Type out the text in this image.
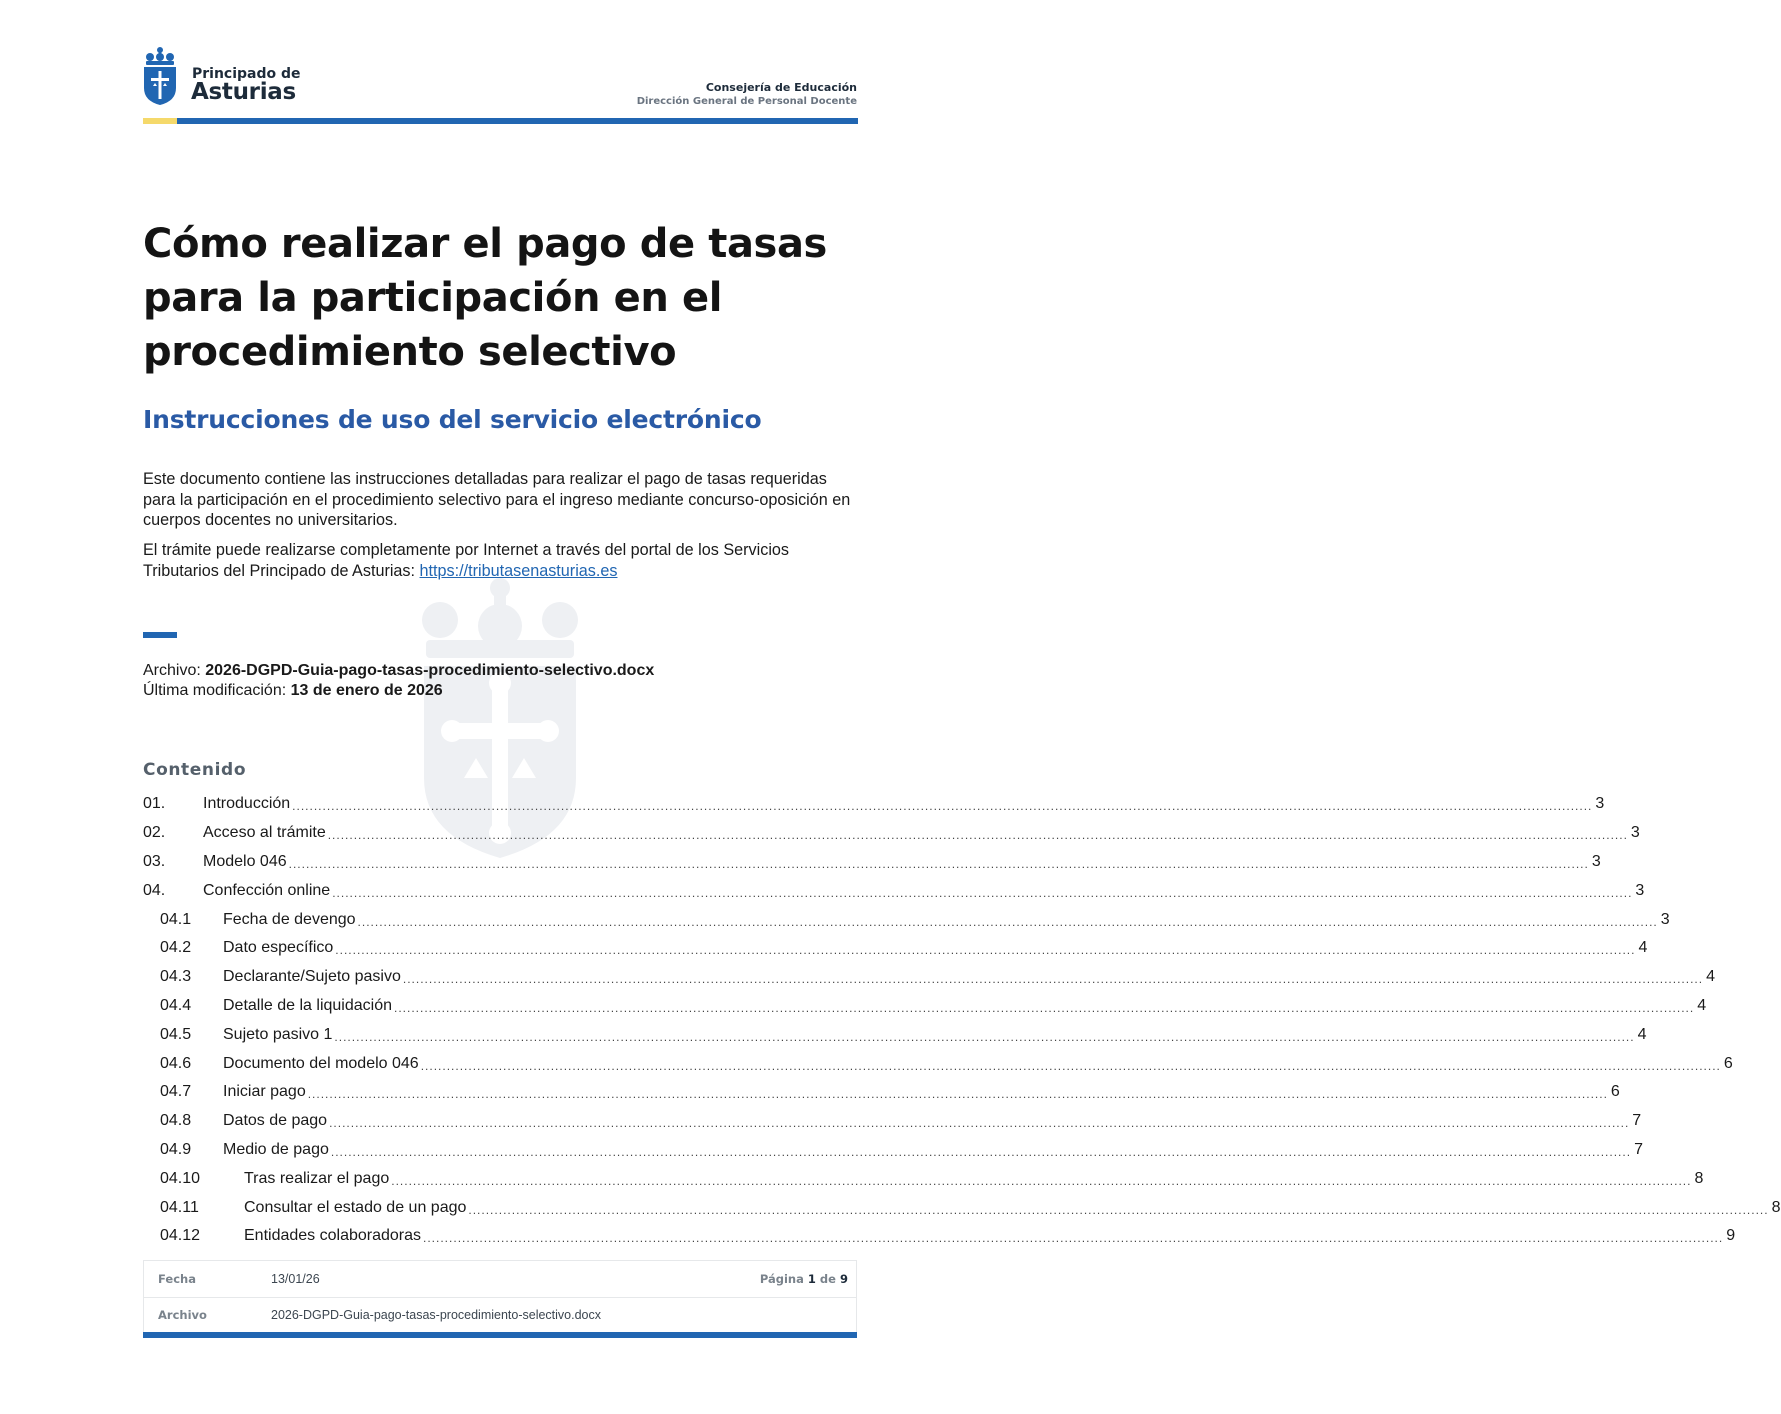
Principado de
Asturias	Consejería de Educación
Dirección General de Personal Docente
Cómo realizar el pago de tasas para la participación en el procedimiento selectivo
Instrucciones de uso del servicio electrónico
Este documento contiene las instrucciones detalladas para realizar el pago de tasas requeridas para la participación en el procedimiento selectivo para el ingreso mediante concurso-oposición en cuerpos docentes no universitarios.
El trámite puede realizarse completamente por Internet a través del portal de los Servicios Tributarios del Principado de Asturias: https://tributasenasturias.es
Archivo: 2026-DGPD-Guia-pago-tasas-procedimiento-selectivo.docx
Última modificación: 13 de enero de 2026
Contenido
01.	Introducción ............................................................................................................................................................................................................................................................................................................ 3
02.	Acceso al trámite ............................................................................................................................................................................................................................................................................................................ 3
03.	Modelo 046 ............................................................................................................................................................................................................................................................................................................ 3
04.	Confección online ............................................................................................................................................................................................................................................................................................................ 3
04.1	Fecha de devengo ............................................................................................................................................................................................................................................................................................................ 3
04.2	Dato específico ............................................................................................................................................................................................................................................................................................................ 4
04.3	Declarante/Sujeto pasivo ............................................................................................................................................................................................................................................................................................................ 4
04.4	Detalle de la liquidación ............................................................................................................................................................................................................................................................................................................ 4
04.5	Sujeto pasivo 1 ............................................................................................................................................................................................................................................................................................................ 4
04.6	Documento del modelo 046 ............................................................................................................................................................................................................................................................................................................ 6
04.7	Iniciar pago ............................................................................................................................................................................................................................................................................................................ 6
04.8	Datos de pago ............................................................................................................................................................................................................................................................................................................ 7
04.9	Medio de pago ............................................................................................................................................................................................................................................................................................................ 7
04.10	Tras realizar el pago ............................................................................................................................................................................................................................................................................................................ 8
04.11	Consultar el estado de un pago ............................................................................................................................................................................................................................................................................................................ 8
04.12	Entidades colaboradoras ............................................................................................................................................................................................................................................................................................................ 9
Fecha	13/01/26	Página 1 de 9
Archivo	2026-DGPD-Guia-pago-tasas-procedimiento-selectivo.docx
